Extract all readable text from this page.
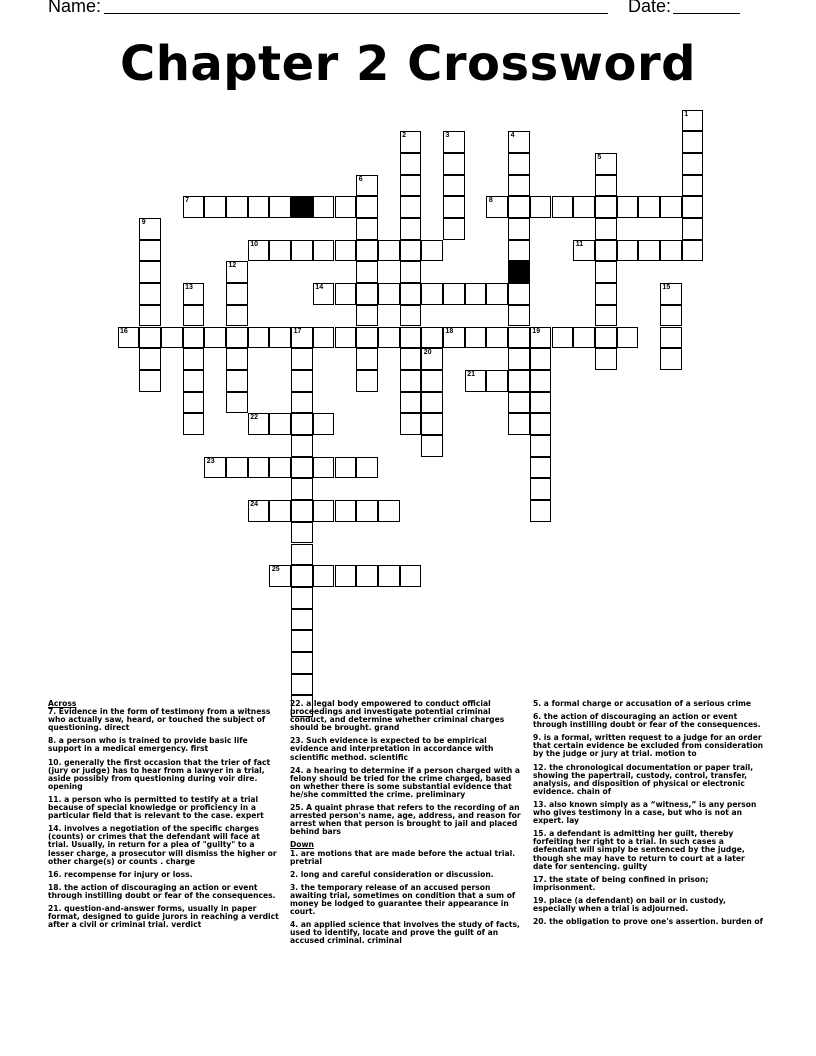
Name:	Date:
Chapter 2 Crossword
7	8
10	11
14
16	17	18	19
21
22
23
24
25
1
2	3	4
5
6
9
12
13	15
20

Across

7. Evidence in the form of testimony from a witness who actually saw, heard, or touched the subject of questioning. direct

8. a person who is trained to provide basic life support in a medical emergency. first

10. generally the first occasion that the trier of fact (jury or judge) has to hear from a lawyer in a trial, aside possibly from questioning during voir dire. opening

11. a person who is permitted to testify at a trial because of special knowledge or proficiency in a particular field that is relevant to the case. expert

14. involves a negotiation of the specific charges (counts) or crimes that the defendant will face at trial. Usually, in return for a plea of "guilty" to a lesser charge, a prosecutor will dismiss the higher or other charge(s) or counts . charge

16. recompense for injury or loss.

18. the action of discouraging an action or event through instilling doubt or fear of the consequences.

21. question-and-answer forms, usually in paper format, designed to guide jurors in reaching a verdict after a civil or criminal trial. verdict

22. a legal body empowered to conduct official proceedings and investigate potential criminal conduct, and determine whether criminal charges should be brought. grand

23. Such evidence is expected to be empirical evidence and interpretation in accordance with scientific method. scientific

24. a hearing to determine if a person charged with a felony should be tried for the crime charged, based on whether there is some substantial evidence that he/she committed the crime. preliminary

25. A quaint phrase that refers to the recording of an arrested person's name, age, address, and reason for arrest when that person is brought to jail and placed behind bars

Down

1. are motions that are made before the actual trial. pretrial

2. long and careful consideration or discussion.

3. the temporary release of an accused person awaiting trial, sometimes on condition that a sum of money be lodged to guarantee their appearance in court.

4. an applied science that involves the study of facts, used to identify, locate and prove the guilt of an accused criminal. criminal

5. a formal charge or accusation of a serious crime

6. the action of discouraging an action or event through instilling doubt or fear of the consequences.

9. is a formal, written request to a judge for an order that certain evidence be excluded from consideration by the judge or jury at trial. motion to

12. the chronological documentation or paper trail, showing the papertrail, custody, control, transfer, analysis, and disposition of physical or electronic evidence. chain of

13. also known simply as a “witness,” is any person who gives testimony in a case, but who is not an expert. lay

15. a defendant is admitting her guilt, thereby forfeiting her right to a trial. In such cases a defendant will simply be sentenced by the judge, though she may have to return to court at a later date for sentencing. guilty

17. the state of being confined in prison; imprisonment.

19. place (a defendant) on bail or in custody, especially when a trial is adjourned.

20. the obligation to prove one's assertion. burden of
